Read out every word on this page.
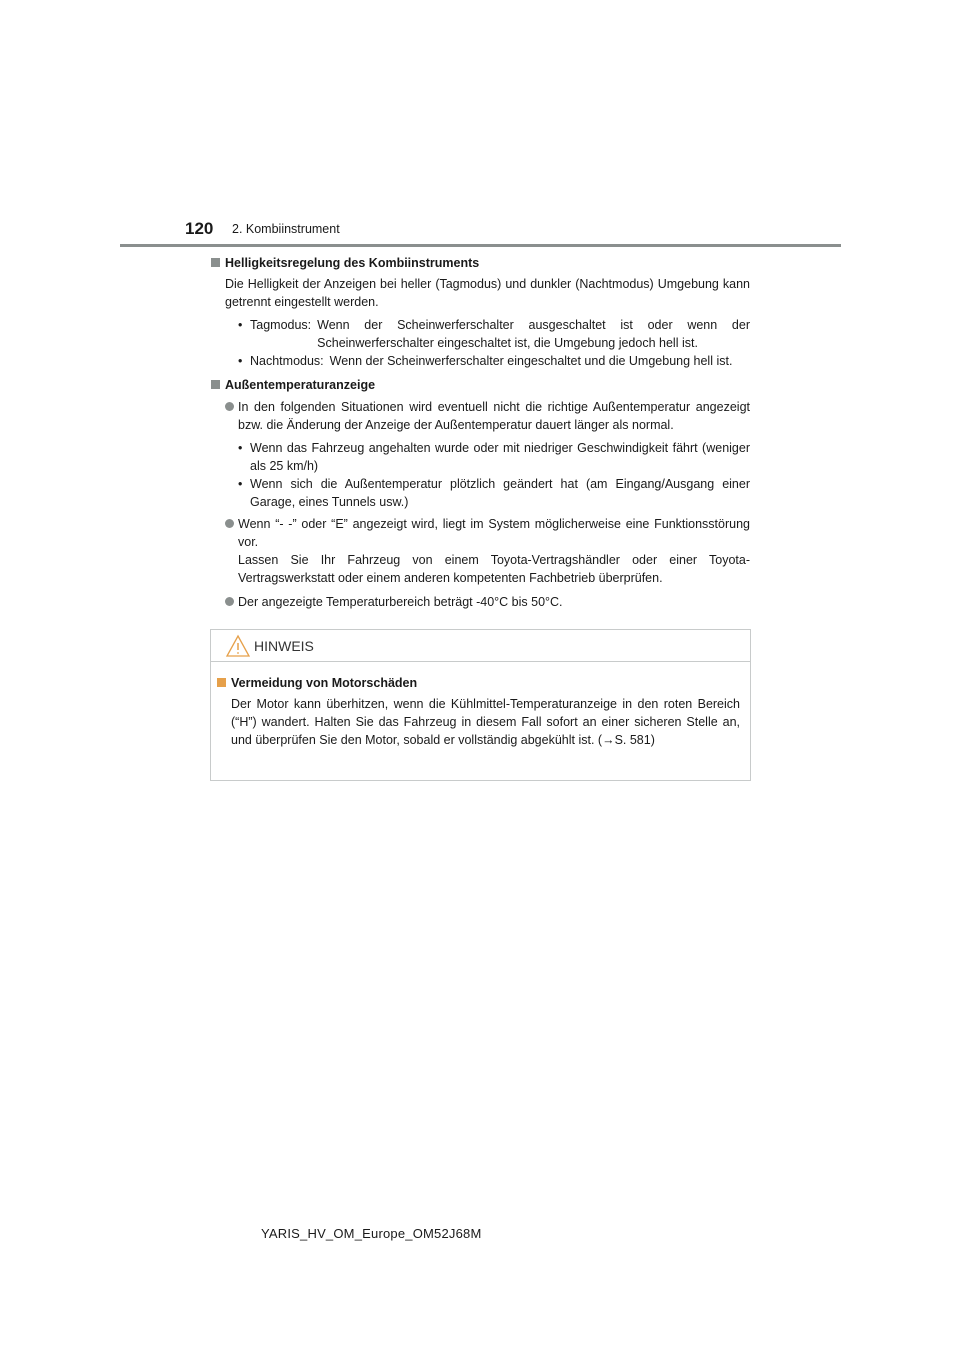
120 2. Kombiinstrument
Helligkeitsregelung des Kombiinstruments
Die Helligkeit der Anzeigen bei heller (Tagmodus) und dunkler (Nachtmodus) Umgebung kann getrennt eingestellt werden.
• Tagmodus: Wenn der Scheinwerferschalter ausgeschaltet ist oder wenn der Scheinwerferschalter eingeschaltet ist, die Umgebung jedoch hell ist.
• Nachtmodus: Wenn der Scheinwerferschalter eingeschaltet und die Umgebung hell ist.
Außentemperaturanzeige
In den folgenden Situationen wird eventuell nicht die richtige Außentemperatur angezeigt bzw. die Änderung der Anzeige der Außentemperatur dauert länger als normal.
• Wenn das Fahrzeug angehalten wurde oder mit niedriger Geschwindigkeit fährt (weniger als 25 km/h)
• Wenn sich die Außentemperatur plötzlich geändert hat (am Eingang/Ausgang einer Garage, eines Tunnels usw.)
Wenn “- -” oder “E” angezeigt wird, liegt im System möglicherweise eine Funktionsstörung vor.
Lassen Sie Ihr Fahrzeug von einem Toyota-Vertragshändler oder einer Toyota-Vertragswerkstatt oder einem anderen kompetenten Fachbetrieb überprüfen.
Der angezeigte Temperaturbereich beträgt -40°C bis 50°C.
HINWEIS
Vermeidung von Motorschäden
Der Motor kann überhitzen, wenn die Kühlmittel-Temperaturanzeige in den roten Bereich (“H”) wandert. Halten Sie das Fahrzeug in diesem Fall sofort an einer sicheren Stelle an, und überprüfen Sie den Motor, sobald er vollständig abgekühlt ist. (→S. 581)
YARIS_HV_OM_Europe_OM52J68M
